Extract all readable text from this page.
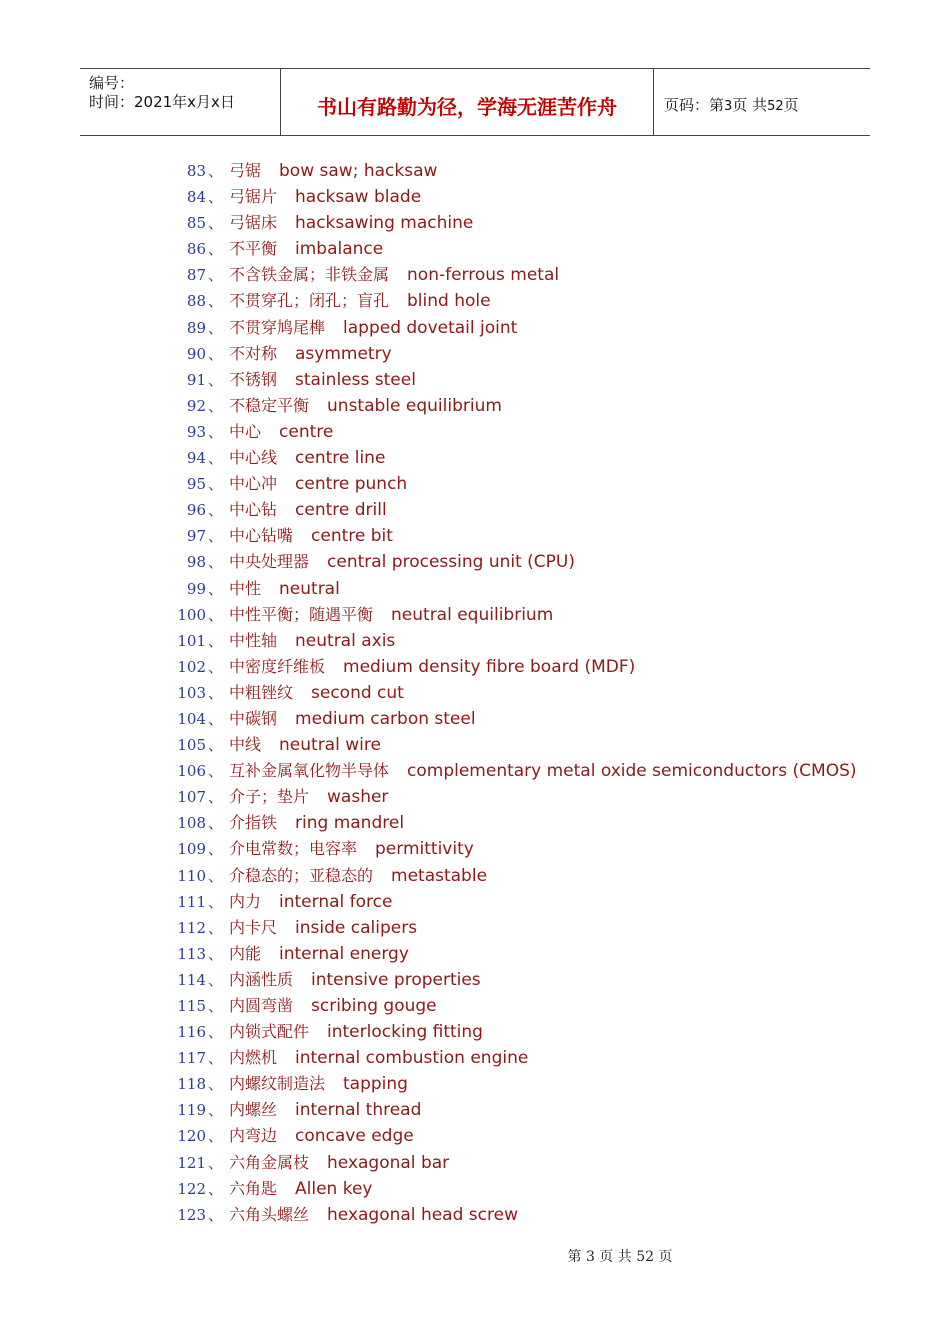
编号：
时间：2021年x月x日	书山有路勤为径，学海无涯苦作舟	页码：第3页 共52页
83 、 弓锯 bow saw; hacksaw
84 、 弓锯片 hacksaw blade
85 、 弓锯床 hacksawing machine
86 、 不平衡 imbalance
87 、 不含铁金属；非铁金属 non-ferrous metal
88 、 不贯穿孔；闭孔；盲孔 blind hole
89 、 不贯穿鸠尾榫 lapped dovetail joint
90 、 不对称 asymmetry
91 、 不锈钢 stainless steel
92 、 不稳定平衡 unstable equilibrium
93 、 中心 centre
94 、 中心线 centre line
95 、 中心冲 centre punch
96 、 中心钻 centre drill
97 、 中心钻嘴 centre bit
98 、 中央处理器 central processing unit (CPU)
99 、 中性 neutral
100 、 中性平衡；随遇平衡 neutral equilibrium
101 、 中性轴 neutral axis
102 、 中密度纤维板 medium density fibre board (MDF)
103 、 中粗锉纹 second cut
104 、 中碳钢 medium carbon steel
105 、 中线 neutral wire
106 、 互补金属氧化物半导体 complementary metal oxide semiconductors (CMOS)
107 、 介子；垫片 washer
108 、 介指铁 ring mandrel
109 、 介电常数；电容率 permittivity
110 、 介稳态的；亚稳态的 metastable
111 、 内力 internal force
112 、 内卡尺 inside calipers
113 、 内能 internal energy
114 、 内涵性质 intensive properties
115 、 内圆弯凿 scribing gouge
116 、 内锁式配件 interlocking fitting
117 、 内燃机 internal combustion engine
118 、 内螺纹制造法 tapping
119 、 内螺丝 internal thread
120 、 内弯边 concave edge
121 、 六角金属枝 hexagonal bar
122 、 六角匙 Allen key
123 、 六角头螺丝 hexagonal head screw
第 3 页 共 52 页
